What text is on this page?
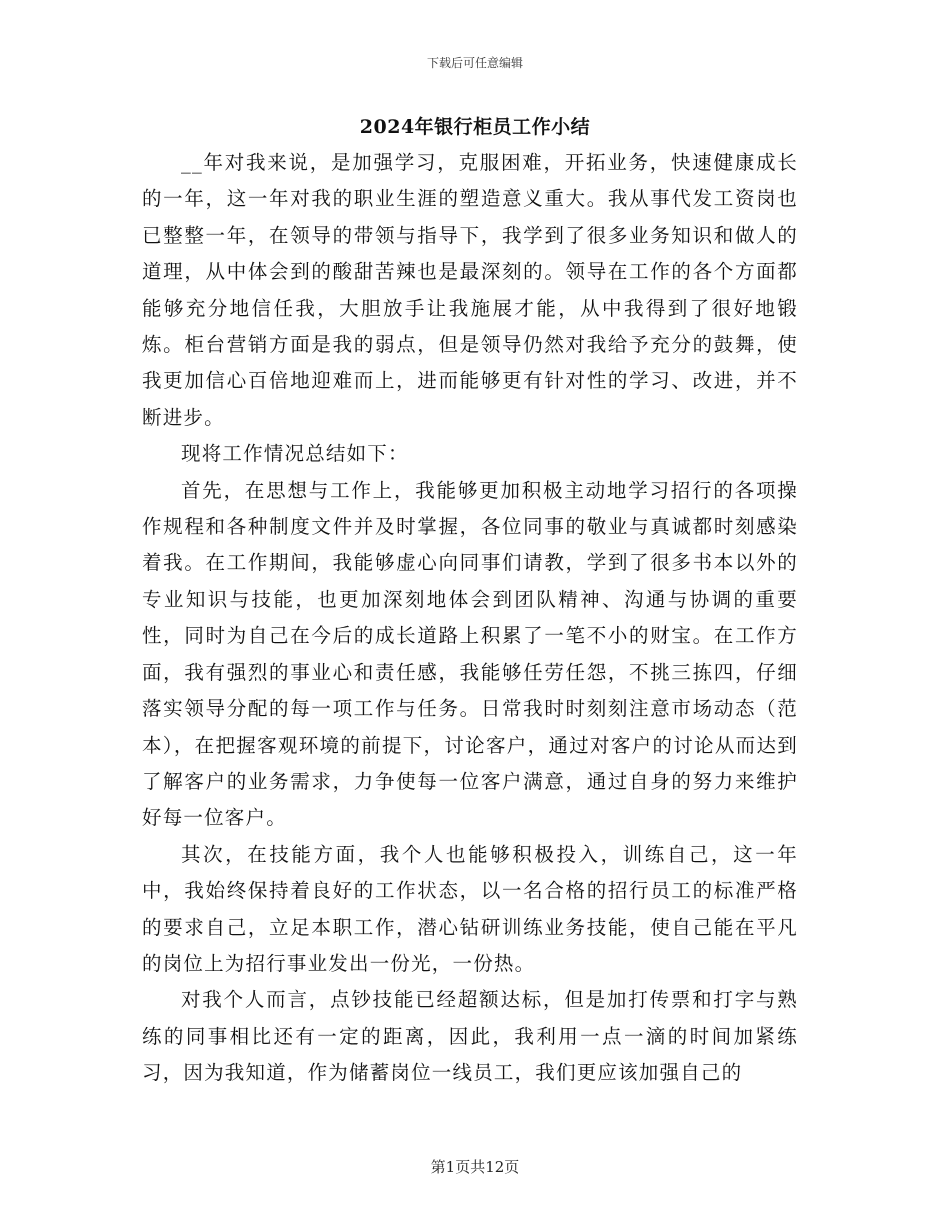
下载后可任意编辑
2024年银行柜员工作小结

__年对我来说，是加强学习，克服困难，开拓业务，快速健康成长的一年，这一年对我的职业生涯的塑造意义重大。我从事代发工资岗也已整整一年，在领导的带领与指导下，我学到了很多业务知识和做人的道理，从中体会到的酸甜苦辣也是最深刻的。领导在工作的各个方面都能够充分地信任我，大胆放手让我施展才能，从中我得到了很好地锻炼。柜台营销方面是我的弱点，但是领导仍然对我给予充分的鼓舞，使我更加信心百倍地迎难而上，进而能够更有针对性的学习、改进，并不断进步。

现将工作情况总结如下：

首先，在思想与工作上，我能够更加积极主动地学习招行的各项操作规程和各种制度文件并及时掌握，各位同事的敬业与真诚都时刻感染着我。在工作期间，我能够虚心向同事们请教，学到了很多书本以外的专业知识与技能，也更加深刻地体会到团队精神、沟通与协调的重要性，同时为自己在今后的成长道路上积累了一笔不小的财宝。在工作方面，我有强烈的事业心和责任感，我能够任劳任怨，不挑三拣四，仔细落实领导分配的每一项工作与任务。日常我时时刻刻注意市场动态（范本），在把握客观环境的前提下，讨论客户，通过对客户的讨论从而达到了解客户的业务需求，力争使每一位客户满意，通过自身的努力来维护好每一位客户。

其次，在技能方面，我个人也能够积极投入，训练自己，这一年中，我始终保持着良好的工作状态，以一名合格的招行员工的标准严格的要求自己，立足本职工作，潜心钻研训练业务技能，使自己能在平凡的岗位上为招行事业发出一份光，一份热。

对我个人而言，点钞技能已经超额达标，但是加打传票和打字与熟练的同事相比还有一定的距离，因此，我利用一点一滴的时间加紧练习，因为我知道，作为储蓄岗位一线员工，我们更应该加强自己的

第1页共12页
